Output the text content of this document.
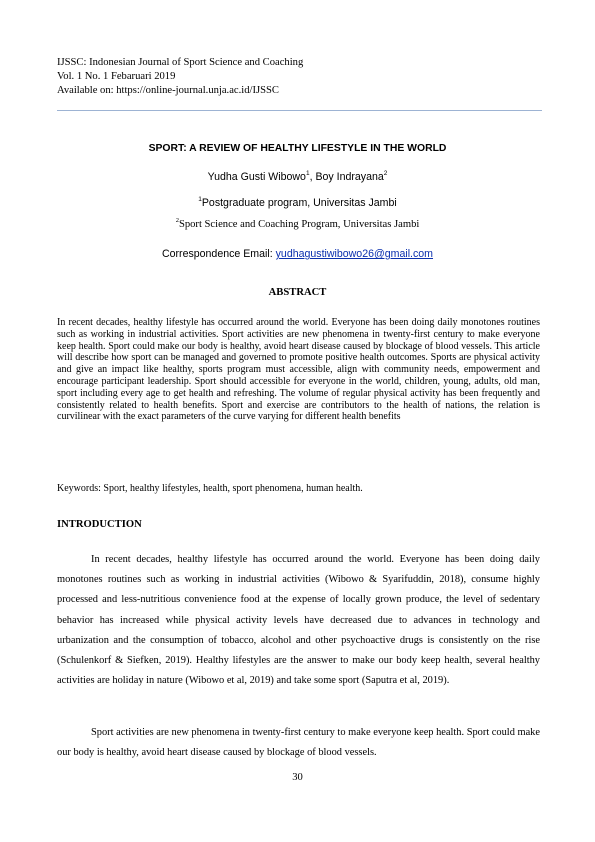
IJSSC: Indonesian Journal of Sport Science and Coaching
Vol. 1 No. 1 Febaruari 2019
Available on: https://online-journal.unja.ac.id/IJSSC
SPORT: A REVIEW OF HEALTHY LIFESTYLE IN THE WORLD
Yudha Gusti Wibowo$^1$, Boy Indrayana$^2$
$^1$Postgraduate program, Universitas Jambi
$^2$Sport Science and Coaching Program, Universitas Jambi
Correspondence Email: yudhagustiwibowo26@gmail.com
ABSTRACT
In recent decades, healthy lifestyle has occurred around the world. Everyone has been doing daily monotones routines such as working in industrial activities. Sport activities are new phenomena in twenty-first century to make everyone keep health. Sport could make our body is healthy, avoid heart disease caused by blockage of blood vessels. This article will describe how sport can be managed and governed to promote positive health outcomes. Sports are physical activity and give an impact like healthy, sports program must accessible, align with community needs, empowerment and encourage participant leadership. Sport should accessible for everyone in the world, children, young, adults, old man, sport including every age to get health and refreshing. The volume of regular physical activity has been frequently and consistently related to health benefits. Sport and exercise are contributors to the health of nations, the relation is curvilinear with the exact parameters of the curve varying for different health benefits
Keywords: Sport, healthy lifestyles, health, sport phenomena, human health.
INTRODUCTION
In recent decades, healthy lifestyle has occurred around the world. Everyone has been doing daily monotones routines such as working in industrial activities (Wibowo & Syarifuddin, 2018), consume highly processed and less-nutritious convenience food at the expense of locally grown produce, the level of sedentary behavior has increased while physical activity levels have decreased due to advances in technology and urbanization and the consumption of tobacco, alcohol and other psychoactive drugs is consistently on the rise (Schulenkorf & Siefken, 2019). Healthy lifestyles are the answer to make our body keep health, several healthy activities are holiday in nature (Wibowo et al, 2019) and take some sport (Saputra et al, 2019).
Sport activities are new phenomena in twenty-first century to make everyone keep health. Sport could make our body is healthy, avoid heart disease caused by blockage of blood vessels.
30
